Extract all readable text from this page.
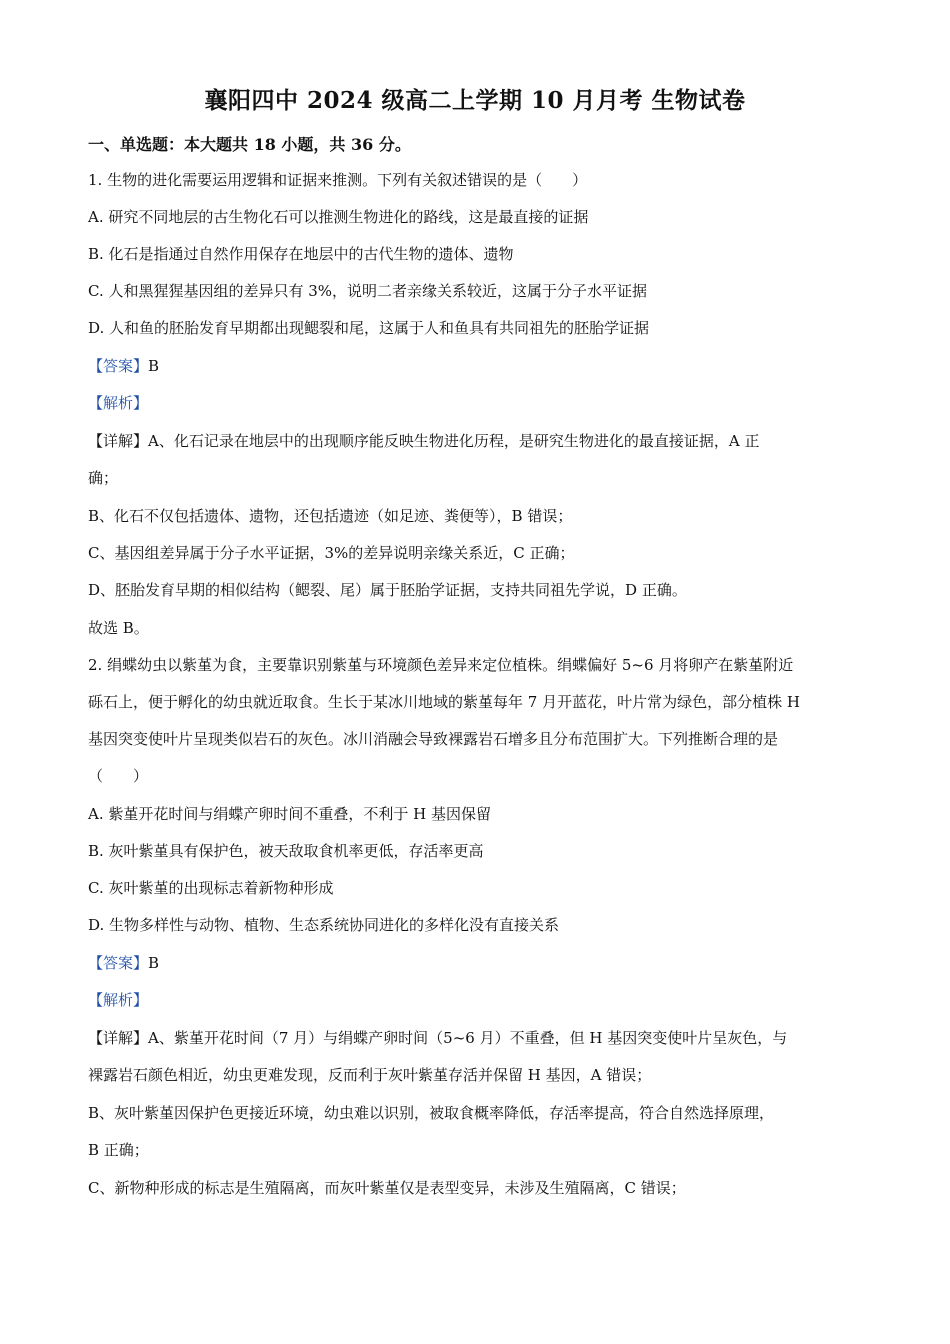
襄阳四中 2024 级高二上学期 10 月月考 生物试卷
一、单选题：本大题共 18 小题，共 36 分。
1. 生物的进化需要运用逻辑和证据来推测。下列有关叙述错误的是（　　）
A. 研究不同地层的古生物化石可以推测生物进化的路线，这是最直接的证据
B. 化石是指通过自然作用保存在地层中的古代生物的遗体、遗物
C. 人和黑猩猩基因组的差异只有 3%，说明二者亲缘关系较近，这属于分子水平证据
D. 人和鱼的胚胎发育早期都出现鳃裂和尾，这属于人和鱼具有共同祖先的胚胎学证据
【答案】B
【解析】
【详解】A、化石记录在地层中的出现顺序能反映生物进化历程，是研究生物进化的最直接证据，A 正
确；
B、化石不仅包括遗体、遗物，还包括遗迹（如足迹、粪便等），B 错误；
C、基因组差异属于分子水平证据，3%的差异说明亲缘关系近，C 正确；
D、胚胎发育早期的相似结构（鳃裂、尾）属于胚胎学证据，支持共同祖先学说，D 正确。
故选 B。
2. 绢蝶幼虫以紫堇为食，主要靠识别紫堇与环境颜色差异来定位植株。绢蝶偏好 5~6 月将卵产在紫堇附近
砾石上，便于孵化的幼虫就近取食。生长于某冰川地域的紫堇每年 7 月开蓝花，叶片常为绿色，部分植株 H
基因突变使叶片呈现类似岩石的灰色。冰川消融会导致裸露岩石增多且分布范围扩大。下列推断合理的是
（　　）
A. 紫堇开花时间与绢蝶产卵时间不重叠，不利于 H 基因保留
B. 灰叶紫堇具有保护色，被天敌取食机率更低，存活率更高
C. 灰叶紫堇的出现标志着新物种形成
D. 生物多样性与动物、植物、生态系统协同进化的多样化没有直接关系
【答案】B
【解析】
【详解】A、紫堇开花时间（7 月）与绢蝶产卵时间（5~6 月）不重叠，但 H 基因突变使叶片呈灰色，与
裸露岩石颜色相近，幼虫更难发现，反而利于灰叶紫堇存活并保留 H 基因，A 错误；
B、灰叶紫堇因保护色更接近环境，幼虫难以识别，被取食概率降低，存活率提高，符合自然选择原理，
B 正确；
C、新物种形成的标志是生殖隔离，而灰叶紫堇仅是表型变异，未涉及生殖隔离，C 错误；
